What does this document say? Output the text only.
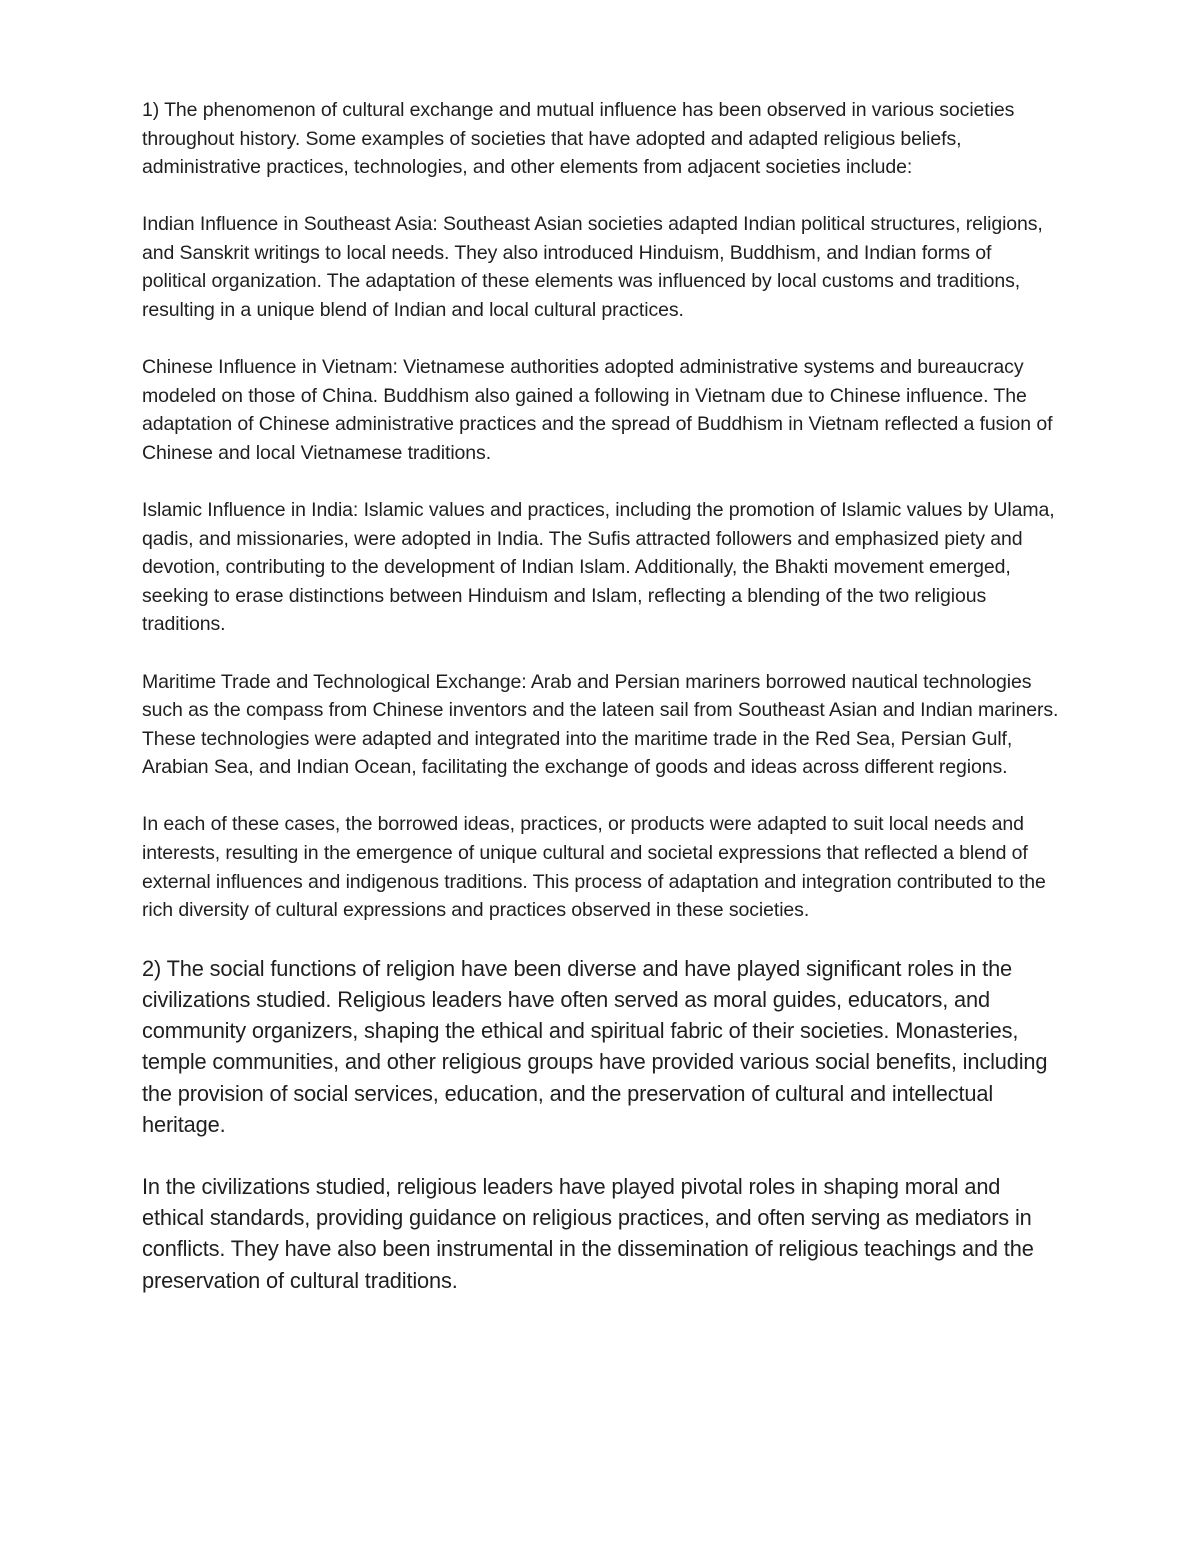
1) The phenomenon of cultural exchange and mutual influence has been observed in various societies throughout history. Some examples of societies that have adopted and adapted religious beliefs, administrative practices, technologies, and other elements from adjacent societies include:

Indian Influence in Southeast Asia: Southeast Asian societies adapted Indian political structures, religions, and Sanskrit writings to local needs. They also introduced Hinduism, Buddhism, and Indian forms of political organization. The adaptation of these elements was influenced by local customs and traditions, resulting in a unique blend of Indian and local cultural practices.

Chinese Influence in Vietnam: Vietnamese authorities adopted administrative systems and bureaucracy modeled on those of China. Buddhism also gained a following in Vietnam due to Chinese influence. The adaptation of Chinese administrative practices and the spread of Buddhism in Vietnam reflected a fusion of Chinese and local Vietnamese traditions.

Islamic Influence in India: Islamic values and practices, including the promotion of Islamic values by Ulama, qadis, and missionaries, were adopted in India. The Sufis attracted followers and emphasized piety and devotion, contributing to the development of Indian Islam. Additionally, the Bhakti movement emerged, seeking to erase distinctions between Hinduism and Islam, reflecting a blending of the two religious traditions.

Maritime Trade and Technological Exchange: Arab and Persian mariners borrowed nautical technologies such as the compass from Chinese inventors and the lateen sail from Southeast Asian and Indian mariners. These technologies were adapted and integrated into the maritime trade in the Red Sea, Persian Gulf, Arabian Sea, and Indian Ocean, facilitating the exchange of goods and ideas across different regions.

In each of these cases, the borrowed ideas, practices, or products were adapted to suit local needs and interests, resulting in the emergence of unique cultural and societal expressions that reflected a blend of external influences and indigenous traditions. This process of adaptation and integration contributed to the rich diversity of cultural expressions and practices observed in these societies.

2) The social functions of religion have been diverse and have played significant roles in the civilizations studied. Religious leaders have often served as moral guides, educators, and community organizers, shaping the ethical and spiritual fabric of their societies. Monasteries, temple communities, and other religious groups have provided various social benefits, including the provision of social services, education, and the preservation of cultural and intellectual heritage.

In the civilizations studied, religious leaders have played pivotal roles in shaping moral and ethical standards, providing guidance on religious practices, and often serving as mediators in conflicts. They have also been instrumental in the dissemination of religious teachings and the preservation of cultural traditions.
